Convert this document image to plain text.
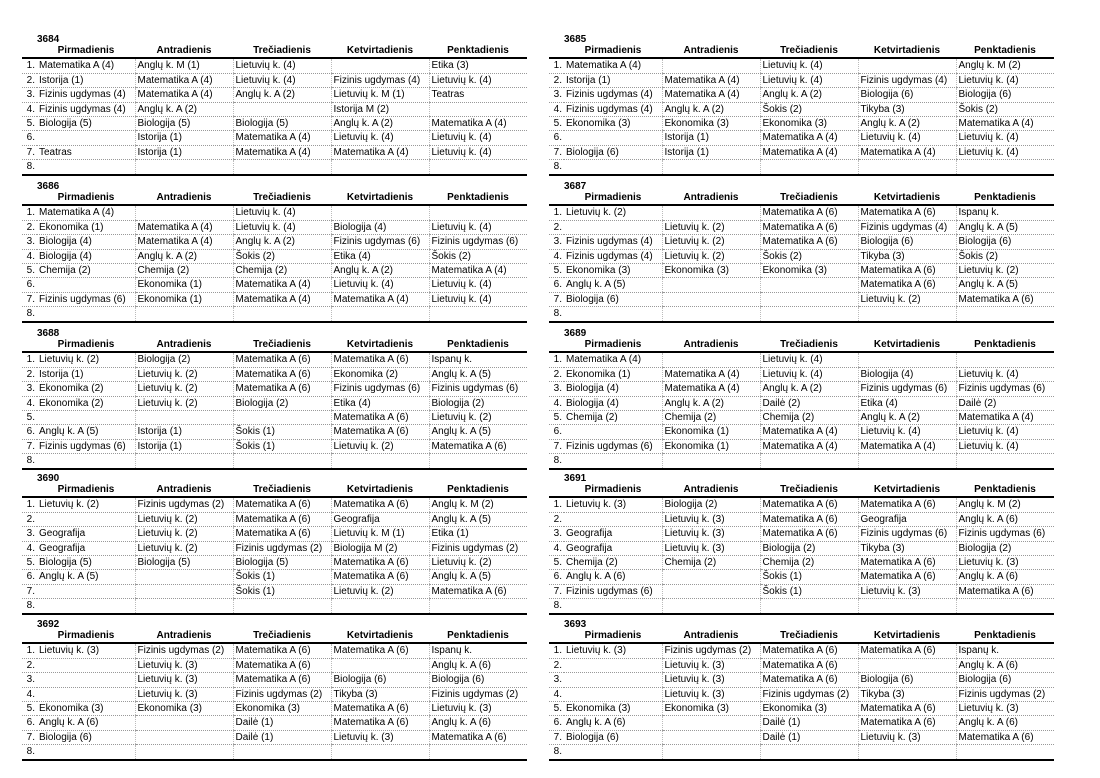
3684
	Pirmadienis	Antradienis	Trečiadienis	Ketvirtadienis	Penktadienis
1.	Matematika A (4)	Anglų k. M (1)	Lietuvių k. (4)		Etika (3)
2.	Istorija (1)	Matematika A (4)	Lietuvių k. (4)	Fizinis ugdymas (4)	Lietuvių k. (4)
3.	Fizinis ugdymas (4)	Matematika A (4)	Anglų k. A (2)	Lietuvių k. M (1)	Teatras
4.	Fizinis ugdymas (4)	Anglų k. A (2)		Istorija M (2)	
5.	Biologija (5)	Biologija (5)	Biologija (5)	Anglų k. A (2)	Matematika A (4)
6.		Istorija (1)	Matematika A (4)	Lietuvių k. (4)	Lietuvių k. (4)
7.	Teatras	Istorija (1)	Matematika A (4)	Matematika A (4)	Lietuvių k. (4)
8.					
3685
	Pirmadienis	Antradienis	Trečiadienis	Ketvirtadienis	Penktadienis
1.	Matematika A (4)		Lietuvių k. (4)		Anglų k. M (2)
2.	Istorija (1)	Matematika A (4)	Lietuvių k. (4)	Fizinis ugdymas (4)	Lietuvių k. (4)
3.	Fizinis ugdymas (4)	Matematika A (4)	Anglų k. A (2)	Biologija (6)	Biologija (6)
4.	Fizinis ugdymas (4)	Anglų k. A (2)	Šokis (2)	Tikyba (3)	Šokis (2)
5.	Ekonomika (3)	Ekonomika (3)	Ekonomika (3)	Anglų k. A (2)	Matematika A (4)
6.		Istorija (1)	Matematika A (4)	Lietuvių k. (4)	Lietuvių k. (4)
7.	Biologija (6)	Istorija (1)	Matematika A (4)	Matematika A (4)	Lietuvių k. (4)
8.					
3686
	Pirmadienis	Antradienis	Trečiadienis	Ketvirtadienis	Penktadienis
1.	Matematika A (4)		Lietuvių k. (4)		
2.	Ekonomika (1)	Matematika A (4)	Lietuvių k. (4)	Biologija (4)	Lietuvių k. (4)
3.	Biologija (4)	Matematika A (4)	Anglų k. A (2)	Fizinis ugdymas (6)	Fizinis ugdymas (6)
4.	Biologija (4)	Anglų k. A (2)	Šokis (2)	Etika (4)	Šokis (2)
5.	Chemija (2)	Chemija (2)	Chemija (2)	Anglų k. A (2)	Matematika A (4)
6.		Ekonomika (1)	Matematika A (4)	Lietuvių k. (4)	Lietuvių k. (4)
7.	Fizinis ugdymas (6)	Ekonomika (1)	Matematika A (4)	Matematika A (4)	Lietuvių k. (4)
8.					
3687
	Pirmadienis	Antradienis	Trečiadienis	Ketvirtadienis	Penktadienis
1.	Lietuvių k. (2)		Matematika A (6)	Matematika A (6)	Ispanų k.
2.		Lietuvių k. (2)	Matematika A (6)	Fizinis ugdymas (4)	Anglų k. A (5)
3.	Fizinis ugdymas (4)	Lietuvių k. (2)	Matematika A (6)	Biologija (6)	Biologija (6)
4.	Fizinis ugdymas (4)	Lietuvių k. (2)	Šokis (2)	Tikyba (3)	Šokis (2)
5.	Ekonomika (3)	Ekonomika (3)	Ekonomika (3)	Matematika A (6)	Lietuvių k. (2)
6.	Anglų k. A (5)			Matematika A (6)	Anglų k. A (5)
7.	Biologija (6)			Lietuvių k. (2)	Matematika A (6)
8.					
3688
	Pirmadienis	Antradienis	Trečiadienis	Ketvirtadienis	Penktadienis
1.	Lietuvių k. (2)	Biologija (2)	Matematika A (6)	Matematika A (6)	Ispanų k.
2.	Istorija (1)	Lietuvių k. (2)	Matematika A (6)	Ekonomika (2)	Anglų k. A (5)
3.	Ekonomika (2)	Lietuvių k. (2)	Matematika A (6)	Fizinis ugdymas (6)	Fizinis ugdymas (6)
4.	Ekonomika (2)	Lietuvių k. (2)	Biologija (2)	Etika (4)	Biologija (2)
5.				Matematika A (6)	Lietuvių k. (2)
6.	Anglų k. A (5)	Istorija (1)	Šokis (1)	Matematika A (6)	Anglų k. A (5)
7.	Fizinis ugdymas (6)	Istorija (1)	Šokis (1)	Lietuvių k. (2)	Matematika A (6)
8.					
3689
	Pirmadienis	Antradienis	Trečiadienis	Ketvirtadienis	Penktadienis
1.	Matematika A (4)		Lietuvių k. (4)		
2.	Ekonomika (1)	Matematika A (4)	Lietuvių k. (4)	Biologija (4)	Lietuvių k. (4)
3.	Biologija (4)	Matematika A (4)	Anglų k. A (2)	Fizinis ugdymas (6)	Fizinis ugdymas (6)
4.	Biologija (4)	Anglų k. A (2)	Dailė (2)	Etika (4)	Dailė (2)
5.	Chemija (2)	Chemija (2)	Chemija (2)	Anglų k. A (2)	Matematika A (4)
6.		Ekonomika (1)	Matematika A (4)	Lietuvių k. (4)	Lietuvių k. (4)
7.	Fizinis ugdymas (6)	Ekonomika (1)	Matematika A (4)	Matematika A (4)	Lietuvių k. (4)
8.					
3690
	Pirmadienis	Antradienis	Trečiadienis	Ketvirtadienis	Penktadienis
1.	Lietuvių k. (2)	Fizinis ugdymas (2)	Matematika A (6)	Matematika A (6)	Anglų k. M (2)
2.		Lietuvių k. (2)	Matematika A (6)	Geografija	Anglų k. A (5)
3.	Geografija	Lietuvių k. (2)	Matematika A (6)	Lietuvių k. M (1)	Etika (1)
4.	Geografija	Lietuvių k. (2)	Fizinis ugdymas (2)	Biologija M (2)	Fizinis ugdymas (2)
5.	Biologija (5)	Biologija (5)	Biologija (5)	Matematika A (6)	Lietuvių k. (2)
6.	Anglų k. A (5)		Šokis (1)	Matematika A (6)	Anglų k. A (5)
7.			Šokis (1)	Lietuvių k. (2)	Matematika A (6)
8.					
3691
	Pirmadienis	Antradienis	Trečiadienis	Ketvirtadienis	Penktadienis
1.	Lietuvių k. (3)	Biologija (2)	Matematika A (6)	Matematika A (6)	Anglų k. M (2)
2.		Lietuvių k. (3)	Matematika A (6)	Geografija	Anglų k. A (6)
3.	Geografija	Lietuvių k. (3)	Matematika A (6)	Fizinis ugdymas (6)	Fizinis ugdymas (6)
4.	Geografija	Lietuvių k. (3)	Biologija (2)	Tikyba (3)	Biologija (2)
5.	Chemija (2)	Chemija (2)	Chemija (2)	Matematika A (6)	Lietuvių k. (3)
6.	Anglų k. A (6)		Šokis (1)	Matematika A (6)	Anglų k. A (6)
7.	Fizinis ugdymas (6)		Šokis (1)	Lietuvių k. (3)	Matematika A (6)
8.					
3692
	Pirmadienis	Antradienis	Trečiadienis	Ketvirtadienis	Penktadienis
1.	Lietuvių k. (3)	Fizinis ugdymas (2)	Matematika A (6)	Matematika A (6)	Ispanų k.
2.		Lietuvių k. (3)	Matematika A (6)		Anglų k. A (6)
3.		Lietuvių k. (3)	Matematika A (6)	Biologija (6)	Biologija (6)
4.		Lietuvių k. (3)	Fizinis ugdymas (2)	Tikyba (3)	Fizinis ugdymas (2)
5.	Ekonomika (3)	Ekonomika (3)	Ekonomika (3)	Matematika A (6)	Lietuvių k. (3)
6.	Anglų k. A (6)		Dailė (1)	Matematika A (6)	Anglų k. A (6)
7.	Biologija (6)		Dailė (1)	Lietuvių k. (3)	Matematika A (6)
8.					
3693
	Pirmadienis	Antradienis	Trečiadienis	Ketvirtadienis	Penktadienis
1.	Lietuvių k. (3)	Fizinis ugdymas (2)	Matematika A (6)	Matematika A (6)	Ispanų k.
2.		Lietuvių k. (3)	Matematika A (6)		Anglų k. A (6)
3.		Lietuvių k. (3)	Matematika A (6)	Biologija (6)	Biologija (6)
4.		Lietuvių k. (3)	Fizinis ugdymas (2)	Tikyba (3)	Fizinis ugdymas (2)
5.	Ekonomika (3)	Ekonomika (3)	Ekonomika (3)	Matematika A (6)	Lietuvių k. (3)
6.	Anglų k. A (6)		Dailė (1)	Matematika A (6)	Anglų k. A (6)
7.	Biologija (6)		Dailė (1)	Lietuvių k. (3)	Matematika A (6)
8.					
